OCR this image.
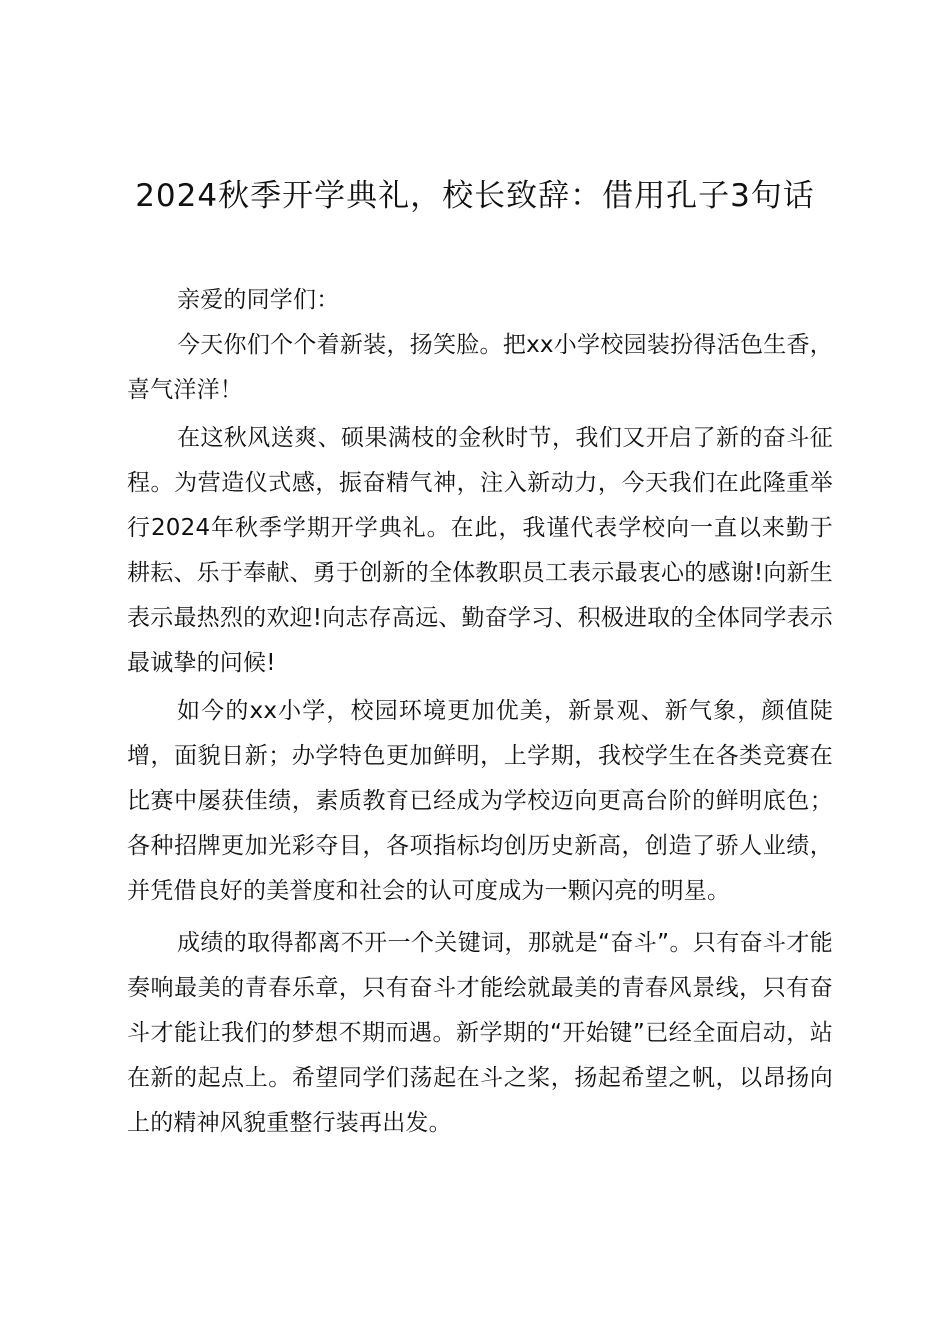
2024秋季开学典礼，校长致辞：借用孔子3句话

亲爱的同学们：

今天你们个个着新装，扬笑脸。把xx小学校园装扮得活色生香，喜气洋洋！

在这秋风送爽、硕果满枝的金秋时节，我们又开启了新的奋斗征程。为营造仪式感，振奋精气神，注入新动力，今天我们在此隆重举行2024年秋季学期开学典礼。在此，我谨代表学校向一直以来勤于耕耘、乐于奉献、勇于创新的全体教职员工表示最衷心的感谢!向新生表示最热烈的欢迎!向志存高远、勤奋学习、积极进取的全体同学表示最诚挚的问候!

如今的xx小学，校园环境更加优美，新景观、新气象，颜值陡增，面貌日新；办学特色更加鲜明，上学期，我校学生在各类竞赛在比赛中屡获佳绩，素质教育已经成为学校迈向更高台阶的鲜明底色；各种招牌更加光彩夺目，各项指标均创历史新高，创造了骄人业绩，并凭借良好的美誉度和社会的认可度成为一颗闪亮的明星。

成绩的取得都离不开一个关键词，那就是“奋斗”。只有奋斗才能奏响最美的青春乐章，只有奋斗才能绘就最美的青春风景线，只有奋斗才能让我们的梦想不期而遇。新学期的“开始键”已经全面启动，站在新的起点上。希望同学们荡起在斗之桨，扬起希望之帆，以昂扬向上的精神风貌重整行装再出发。
